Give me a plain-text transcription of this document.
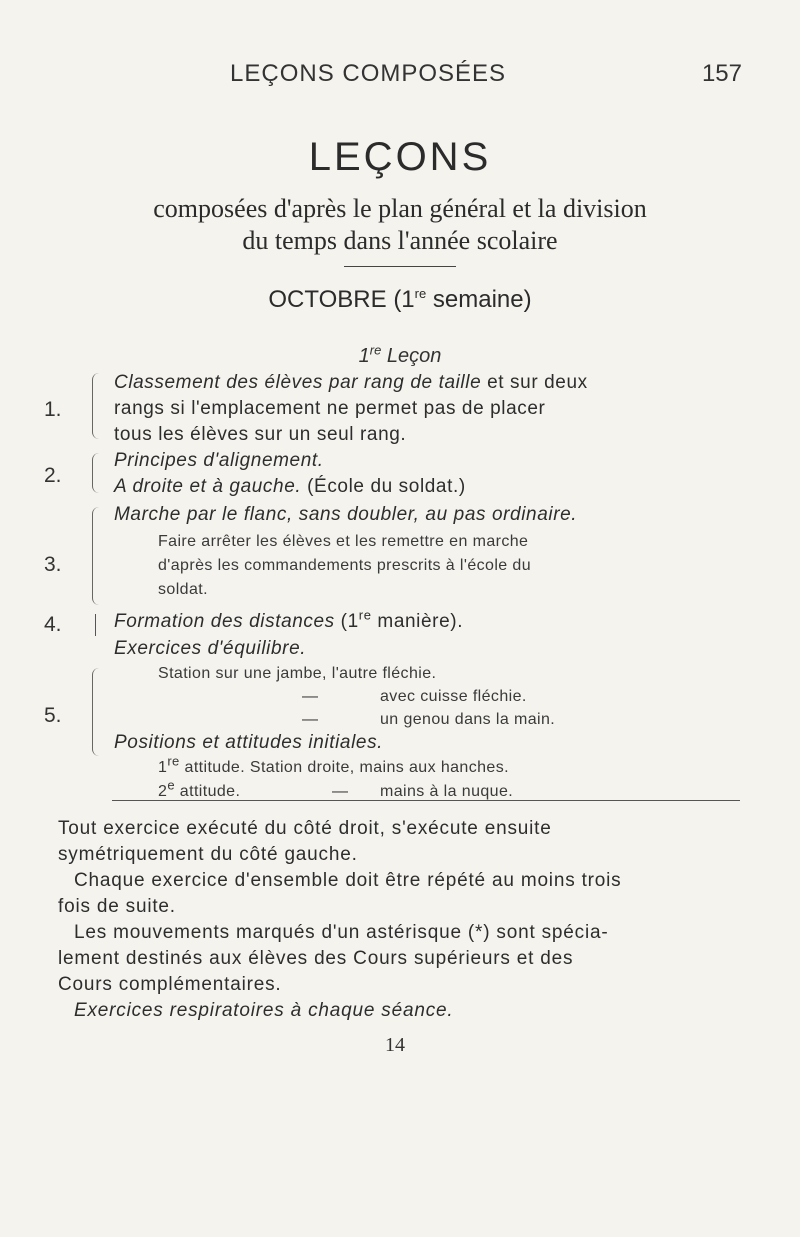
LEÇONS COMPOSÉES	157
LEÇONS
composées d'après le plan général et la division
du temps dans l'année scolaire
OCTOBRE (1re semaine)
1re Leçon
1.
Classement des élèves par rang de taille et sur deux
rangs si l'emplacement ne permet pas de placer
tous les élèves sur un seul rang.
2.
Principes d'alignement.
A droite et à gauche. (École du soldat.)
3.
Marche par le flanc, sans doubler, au pas ordinaire.
Faire arrêter les élèves et les remettre en marche
d'après les commandements prescrits à l'école du
soldat.
4.	Formation des distances (1re manière).
5.
Exercices d'équilibre.
Station sur une jambe, l'autre fléchie.
—	avec cuisse fléchie.
—	un genou dans la main.
Positions et attitudes initiales.
1re attitude. Station droite, mains aux hanches.
2e attitude.	— mains à la nuque.
Tout exercice exécuté du côté droit, s'exécute ensuite
symétriquement du côté gauche.
Chaque exercice d'ensemble doit être répété au moins trois
fois de suite.
Les mouvements marqués d'un astérisque (*) sont spécia-
lement destinés aux élèves des Cours supérieurs et des
Cours complémentaires.
Exercices respiratoires à chaque séance.
14
